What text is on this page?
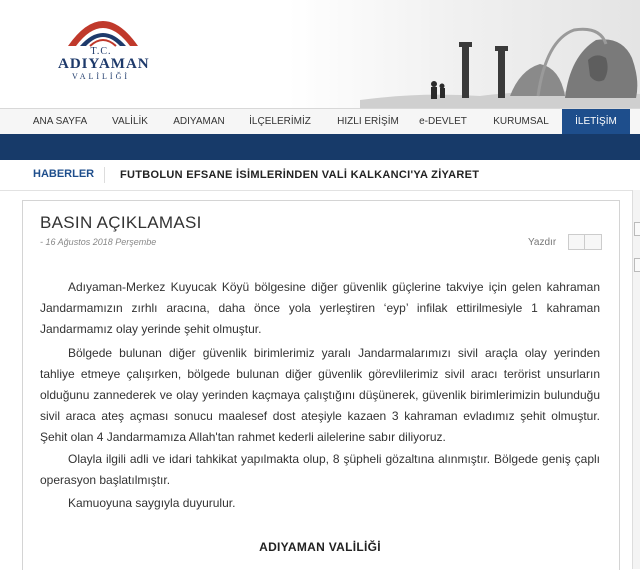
T.C.
ADIYAMAN
VALİLİĞİ
ANA SAYFA	VALİLİK	ADIYAMAN	İLÇELERİMİZ	HIZLI ERİŞİM	e-DEVLET	KURUMSAL	İLETİŞİM
HABERLER FUTBOLUN EFSANE İSİMLERİNDEN VALİ KALKANCI'YA ZİYARET
BASIN AÇIKLAMASI
- 16 Ağustos 2018 Perşembe	Yazdır
Adıyaman-Merkez Kuyucak Köyü bölgesine diğer güvenlik güçlerine takviye için gelen kahraman Jandarmamızın zırhlı aracına, daha önce yola yerleştiren ‘eyp’ infilak ettirilmesiyle 1 kahraman Jandarmamız olay yerinde şehit olmuştur.
Bölgede bulunan diğer güvenlik birimlerimiz yaralı Jandarmalarımızı sivil araçla olay yerinden tahliye etmeye çalışırken, bölgede bulunan diğer güvenlik görevlilerimiz sivil aracı terörist unsurların olduğunu zannederek ve olay yerinden kaçmaya çalıştığını düşünerek, güvenlik birimlerimizin bulunduğu sivil araca ateş açması sonucu maalesef dost ateşiyle kazaen 3 kahraman evladımız şehit olmuştur. Şehit olan 4 Jandarmamıza Allah'tan rahmet kederli ailelerine sabır diliyoruz.
Olayla ilgili adli ve idari tahkikat yapılmakta olup, 8 şüpheli gözaltına alınmıştır. Bölgede geniş çaplı operasyon başlatılmıştır.
Kamuoyuna saygıyla duyurulur.
ADIYAMAN VALİLİĞİ
